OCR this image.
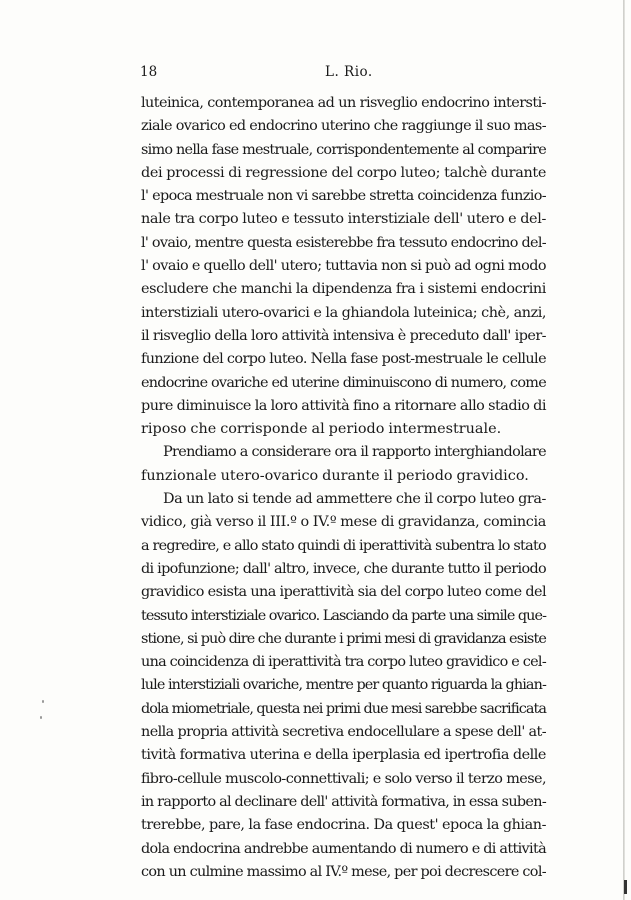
18	L. Rio.
luteinica, contemporanea ad un risveglio endocrino intersti-
ziale ovarico ed endocrino uterino che raggiunge il suo mas-
simo nella fase mestruale, corrispondentemente al comparire
dei processi di regressione del corpo luteo; talchè durante
l' epoca mestruale non vi sarebbe stretta coincidenza funzio-
nale tra corpo luteo e tessuto interstiziale dell' utero e del-
l' ovaio, mentre questa esisterebbe fra tessuto endocrino del-
l' ovaio e quello dell' utero; tuttavia non si può ad ogni modo
escludere che manchi la dipendenza fra i sistemi endocrini
interstiziali utero-ovarici e la ghiandola luteinica; chè, anzi,
il risveglio della loro attività intensiva è preceduto dall' iper-
funzione del corpo luteo. Nella fase post-mestruale le cellule
endocrine ovariche ed uterine diminuiscono di numero, come
pure diminuisce la loro attività fino a ritornare allo stadio di
riposo che corrisponde al periodo intermestruale.
Prendiamo a considerare ora il rapporto interghiandolare
funzionale utero-ovarico durante il periodo gravidico.
Da un lato si tende ad ammettere che il corpo luteo gra-
vidico, già verso il III.º o IV.º mese di gravidanza, comincia
a regredire, e allo stato quindi di iperattività subentra lo stato
di ipofunzione; dall' altro, invece, che durante tutto il periodo
gravidico esista una iperattività sia del corpo luteo come del
tessuto interstiziale ovarico. Lasciando da parte una simile que-
stione, si può dire che durante i primi mesi di gravidanza esiste
una coincidenza di iperattività tra corpo luteo gravidico e cel-
lule interstiziali ovariche, mentre per quanto riguarda la ghian-
dola miometriale, questa nei primi due mesi sarebbe sacrificata
nella propria attività secretiva endocellulare a spese dell' at-
tività formativa uterina e della iperplasia ed ipertrofia delle
fibro-cellule muscolo-connettivali; e solo verso il terzo mese,
in rapporto al declinare dell' attività formativa, in essa suben-
trerebbe, pare, la fase endocrina. Da quest' epoca la ghian-
dola endocrina andrebbe aumentando di numero e di attività
con un culmine massimo al IV.º mese, per poi decrescere col-
